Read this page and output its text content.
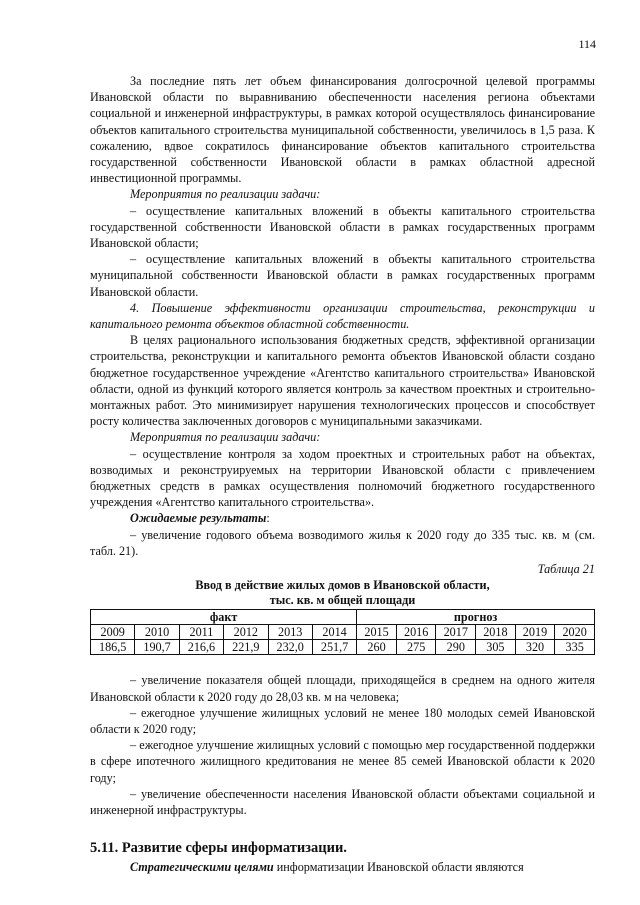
114

За последние пять лет объем финансирования долгосрочной целевой программы Ивановской области по выравниванию обеспеченности населения региона объектами социальной и инженерной инфраструктуры, в рамках которой осуществлялось финансирование объектов капитального строительства муниципальной собственности, увеличилось в 1,5 раза. К сожалению, вдвое сократилось финансирование объектов капитального строительства государственной собственности Ивановской области в рамках областной адресной инвестиционной программы.

Мероприятия по реализации задачи:

– осуществление капитальных вложений в объекты капитального строительства государственной собственности Ивановской области в рамках государственных программ Ивановской области;

– осуществление капитальных вложений в объекты капитального строительства муниципальной собственности Ивановской области в рамках государственных программ Ивановской области.

4. Повышение эффективности организации строительства, реконструкции и капитального ремонта объектов областной собственности.

В целях рационального использования бюджетных средств, эффективной организации строительства, реконструкции и капитального ремонта объектов Ивановской области создано бюджетное государственное учреждение «Агентство капитального строительства» Ивановской области, одной из функций которого является контроль за качеством проектных и строительно-монтажных работ. Это минимизирует нарушения технологических процессов и способствует росту количества заключенных договоров с муниципальными заказчиками.

Мероприятия по реализации задачи:

– осуществление контроля за ходом проектных и строительных работ на объектах, возводимых и реконструируемых на территории Ивановской области с привлечением бюджетных средств в рамках осуществления полномочий бюджетного государственного учреждения «Агентство капитального строительства».

Ожидаемые результаты:

– увеличение годового объема возводимого жилья к 2020 году до 335 тыс. кв. м (см. табл. 21).

Таблица 21
Ввод в действие жилых домов в Ивановской области,
тыс. кв. м общей площади
факт						прогноз					
2009	2010	2011	2012	2013	2014	2015	2016	2017	2018	2019	2020
186,5	190,7	216,6	221,9	232,0	251,7	260	275	290	305	320	335

– увеличение показателя общей площади, приходящейся в среднем на одного жителя Ивановской области к 2020 году до 28,03 кв. м на человека;

– ежегодное улучшение жилищных условий не менее 180 молодых семей Ивановской области к 2020 году;

– ежегодное улучшение жилищных условий с помощью мер государственной поддержки в сфере ипотечного жилищного кредитования не менее 85 семей Ивановской области к 2020 году;

– увеличение обеспеченности населения Ивановской области объектами социальной и инженерной инфраструктуры.

5.11. Развитие сферы информатизации.

Стратегическими целями информатизации Ивановской области являются
